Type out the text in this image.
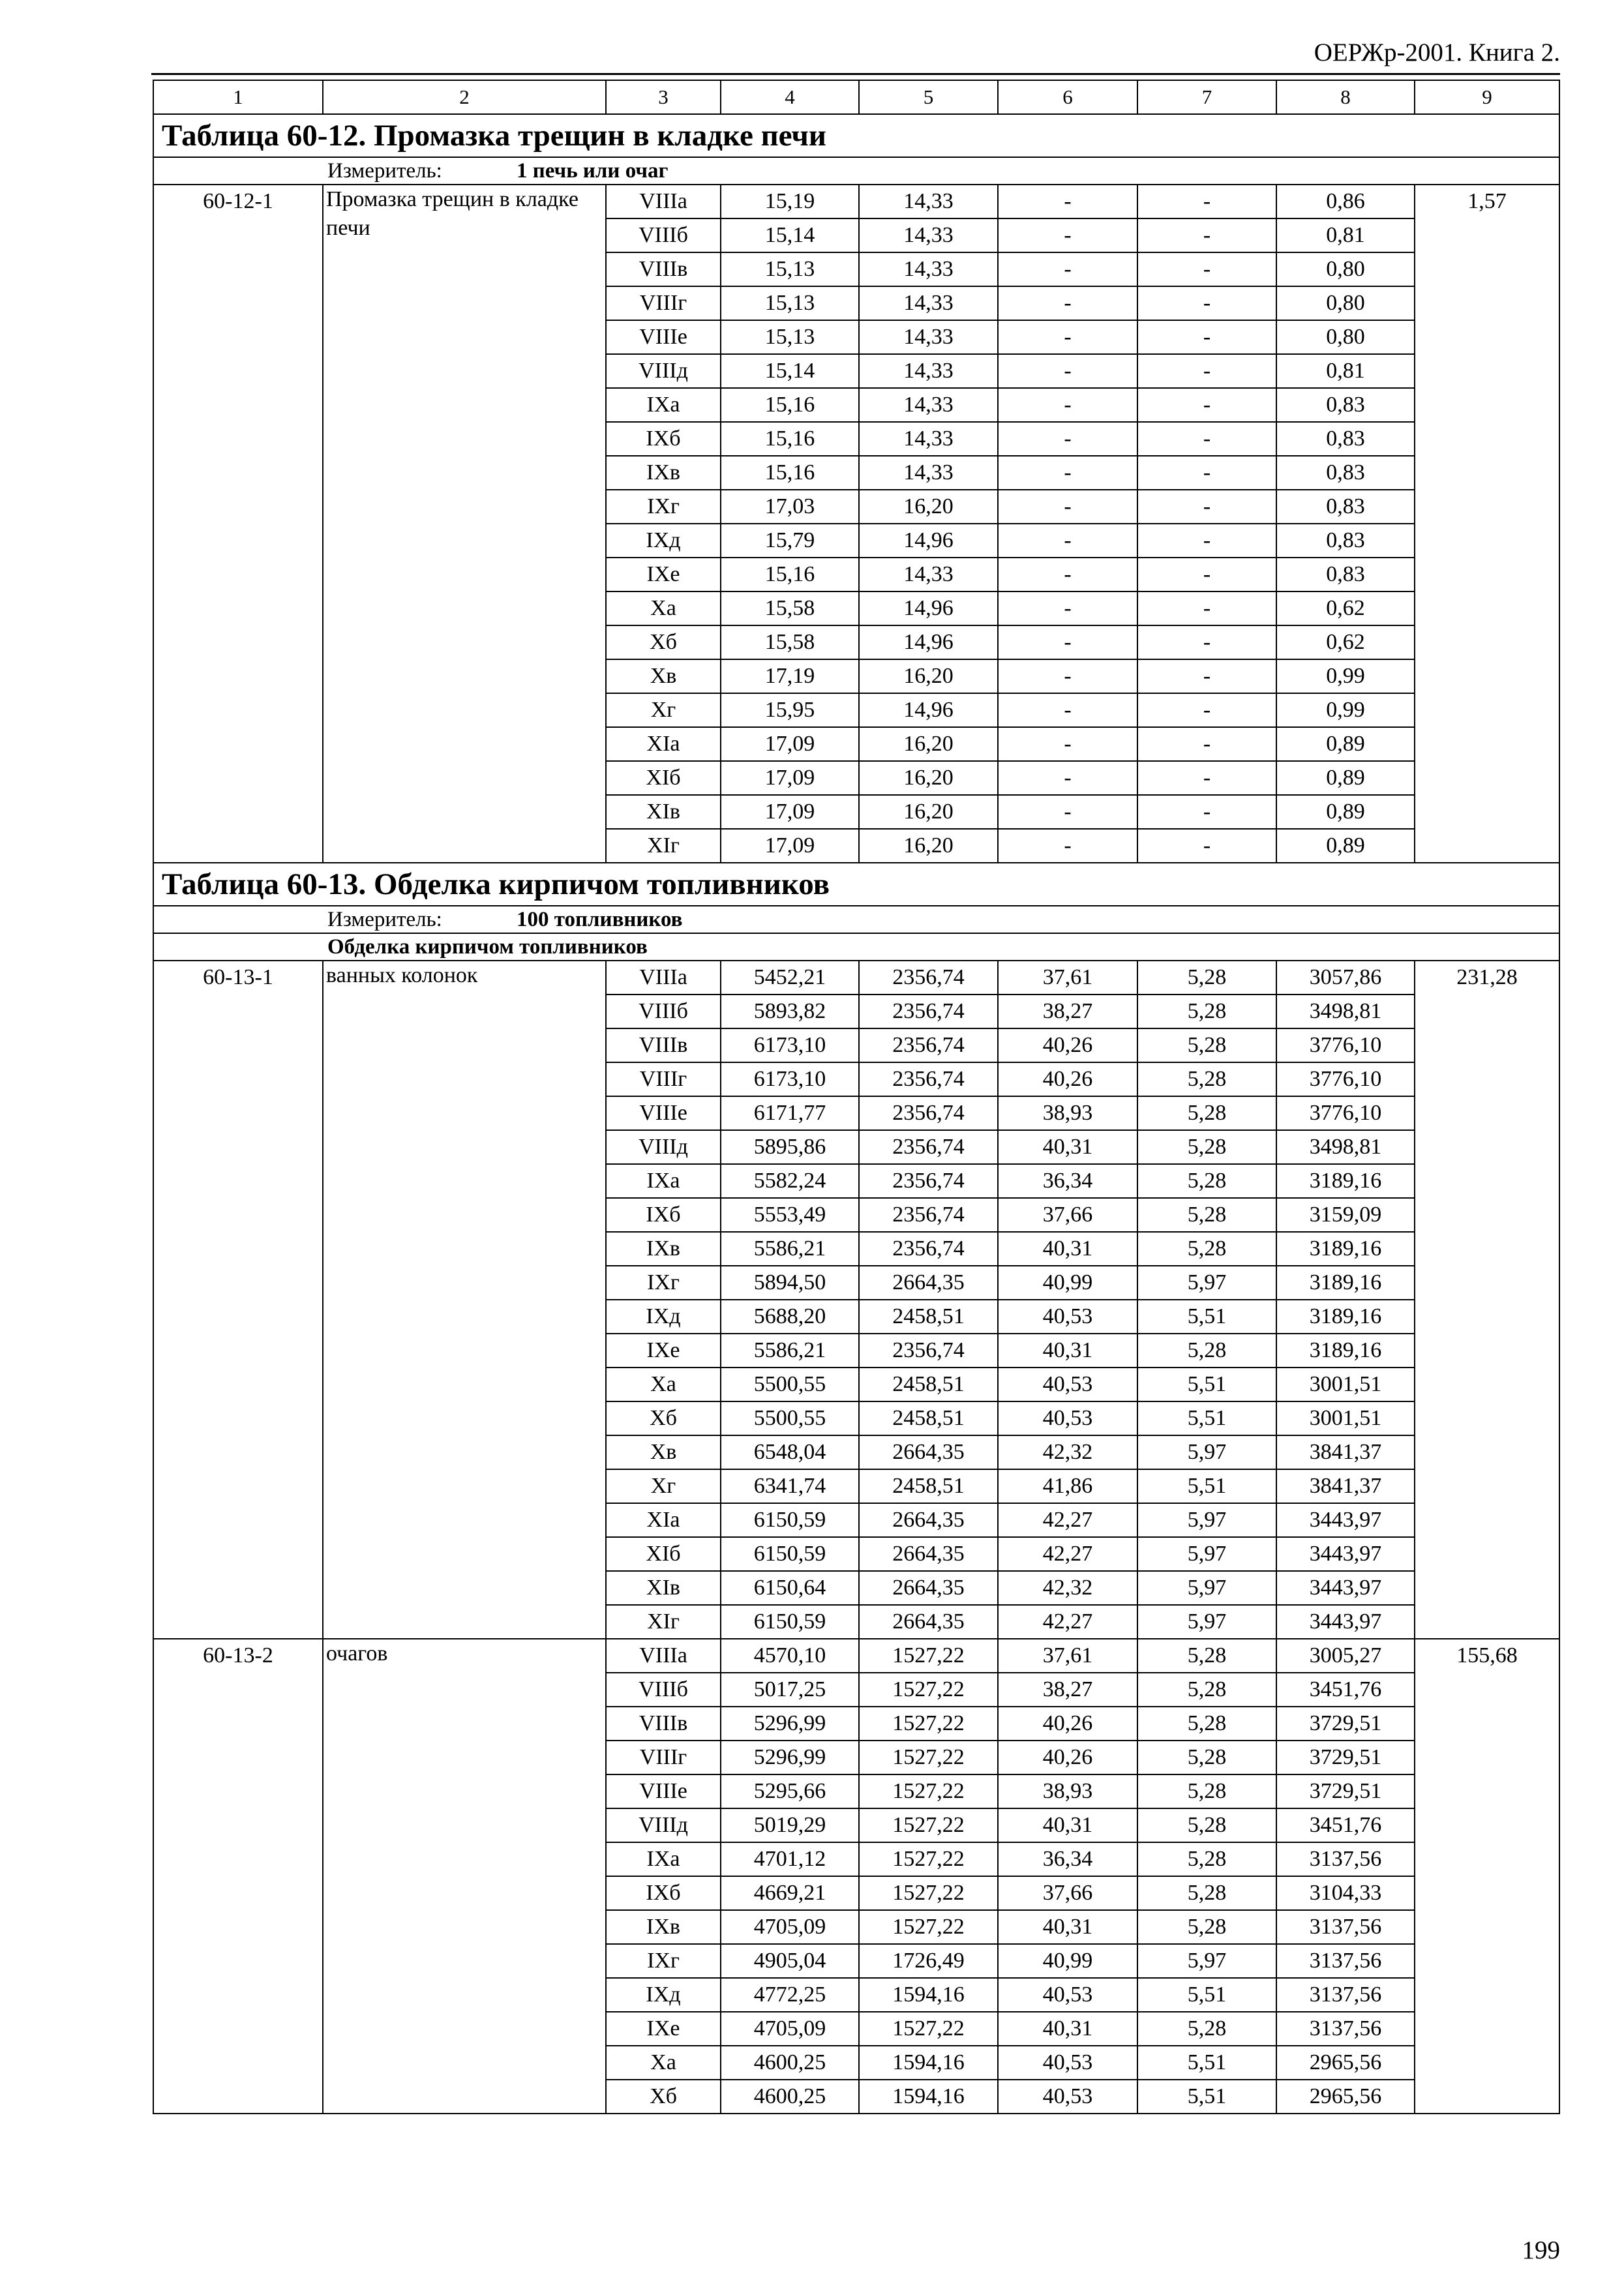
ОЕРЖр-2001. Книга 2.
1	2	3	4	5	6	7	8	9
Таблица 60-12. Промазка трещин в кладке печи								
Измеритель: 1 печь или очаг								
60-12-1	Промазка трещин в кладке печи	VIIIa	15,19	14,33	-	-	0,86	1,57
		VIIIб	15,14	14,33	-	-	0,81	
		VIIIв	15,13	14,33	-	-	0,80	
		VIIIг	15,13	14,33	-	-	0,80	
		VIIIе	15,13	14,33	-	-	0,80	
		VIIIд	15,14	14,33	-	-	0,81	
		IXa	15,16	14,33	-	-	0,83	
		IXб	15,16	14,33	-	-	0,83	
		IXв	15,16	14,33	-	-	0,83	
		IXг	17,03	16,20	-	-	0,83	
		IXд	15,79	14,96	-	-	0,83	
		IXе	15,16	14,33	-	-	0,83	
		Xa	15,58	14,96	-	-	0,62	
		Xб	15,58	14,96	-	-	0,62	
		Xв	17,19	16,20	-	-	0,99	
		Xг	15,95	14,96	-	-	0,99	
		XIa	17,09	16,20	-	-	0,89	
		XIб	17,09	16,20	-	-	0,89	
		XIв	17,09	16,20	-	-	0,89	
		XIг	17,09	16,20	-	-	0,89	
Таблица 60-13. Обделка кирпичом топливников								
Измеритель: 100 топливников								
Обделка кирпичом топливников								
60-13-1	ванных колонок	VIIIa	5452,21	2356,74	37,61	5,28	3057,86	231,28
		VIIIб	5893,82	2356,74	38,27	5,28	3498,81	
		VIIIв	6173,10	2356,74	40,26	5,28	3776,10	
		VIIIг	6173,10	2356,74	40,26	5,28	3776,10	
		VIIIе	6171,77	2356,74	38,93	5,28	3776,10	
		VIIIд	5895,86	2356,74	40,31	5,28	3498,81	
		IXa	5582,24	2356,74	36,34	5,28	3189,16	
		IXб	5553,49	2356,74	37,66	5,28	3159,09	
		IXв	5586,21	2356,74	40,31	5,28	3189,16	
		IXг	5894,50	2664,35	40,99	5,97	3189,16	
		IXд	5688,20	2458,51	40,53	5,51	3189,16	
		IXе	5586,21	2356,74	40,31	5,28	3189,16	
		Xa	5500,55	2458,51	40,53	5,51	3001,51	
		Xб	5500,55	2458,51	40,53	5,51	3001,51	
		Xв	6548,04	2664,35	42,32	5,97	3841,37	
		Xг	6341,74	2458,51	41,86	5,51	3841,37	
		XIa	6150,59	2664,35	42,27	5,97	3443,97	
		XIб	6150,59	2664,35	42,27	5,97	3443,97	
		XIв	6150,64	2664,35	42,32	5,97	3443,97	
		XIг	6150,59	2664,35	42,27	5,97	3443,97	
60-13-2	очагов	VIIIa	4570,10	1527,22	37,61	5,28	3005,27	155,68
		VIIIб	5017,25	1527,22	38,27	5,28	3451,76	
		VIIIв	5296,99	1527,22	40,26	5,28	3729,51	
		VIIIг	5296,99	1527,22	40,26	5,28	3729,51	
		VIIIе	5295,66	1527,22	38,93	5,28	3729,51	
		VIIIд	5019,29	1527,22	40,31	5,28	3451,76	
		IXa	4701,12	1527,22	36,34	5,28	3137,56	
		IXб	4669,21	1527,22	37,66	5,28	3104,33	
		IXв	4705,09	1527,22	40,31	5,28	3137,56	
		IXг	4905,04	1726,49	40,99	5,97	3137,56	
		IXд	4772,25	1594,16	40,53	5,51	3137,56	
		IXе	4705,09	1527,22	40,31	5,28	3137,56	
		Xa	4600,25	1594,16	40,53	5,51	2965,56	
		Xб	4600,25	1594,16	40,53	5,51	2965,56	
199
